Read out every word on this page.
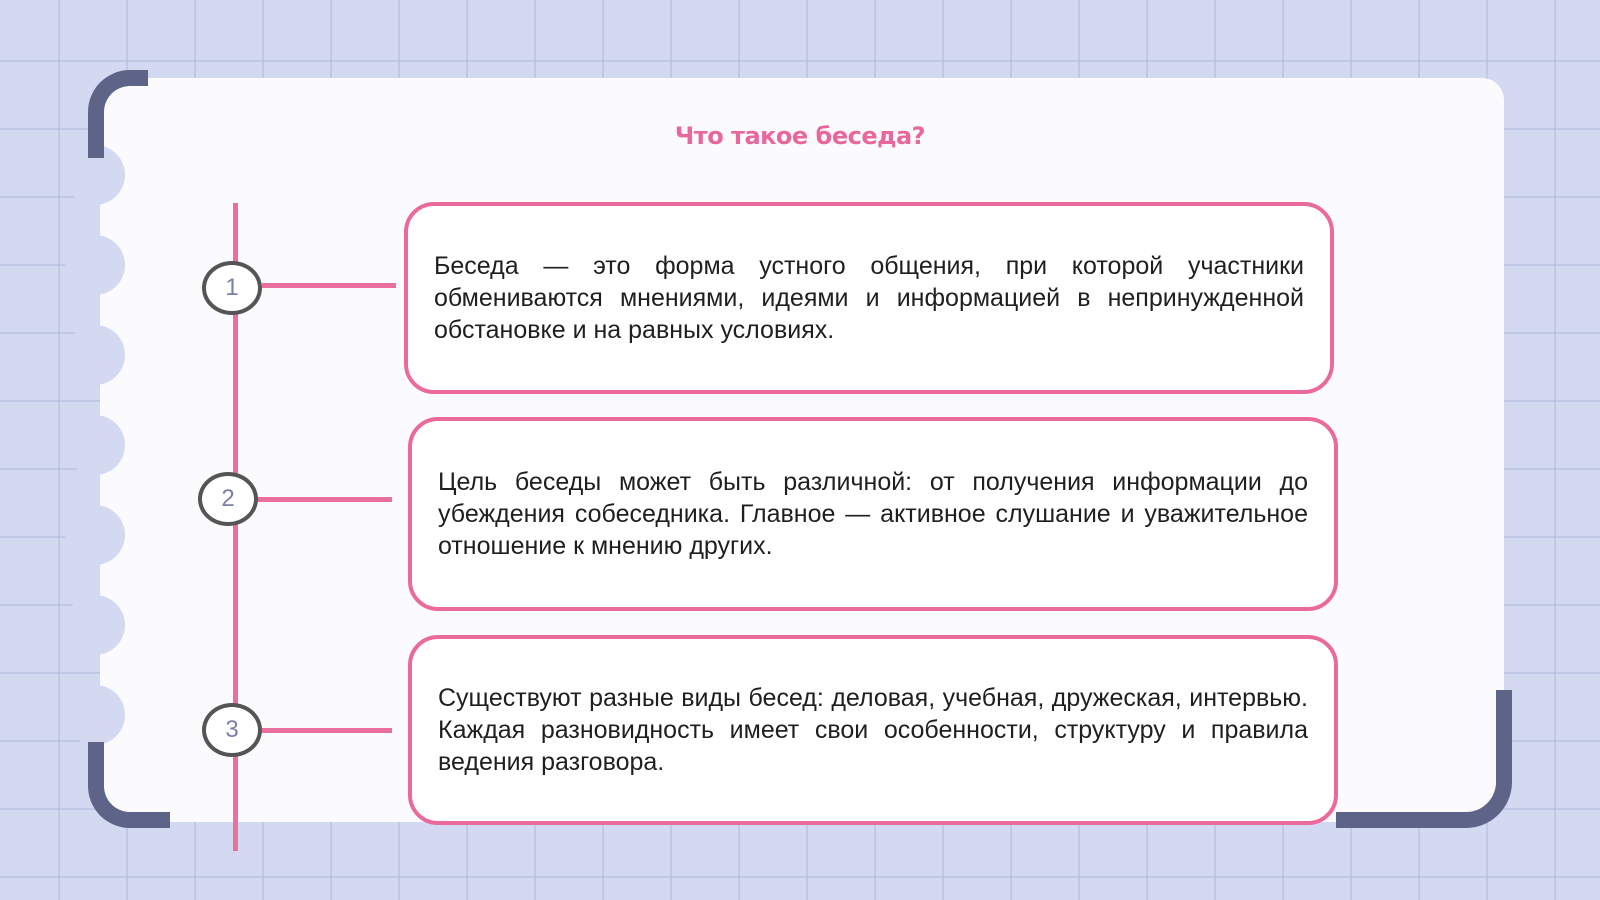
Что такое беседа?
1
2
3

Беседа — это форма устного общения, при которой участники обмениваются мнениями, идеями и информацией в непринужденной обстановке и на равных условиях.

Цель беседы может быть различной: от получения информации до убеждения собеседника. Главное — активное слушание и уважительное отношение к мнению других.

Существуют разные виды бесед: деловая, учебная, дружеская, интервью. Каждая разновидность имеет свои особенности, структуру и правила ведения разговора.
